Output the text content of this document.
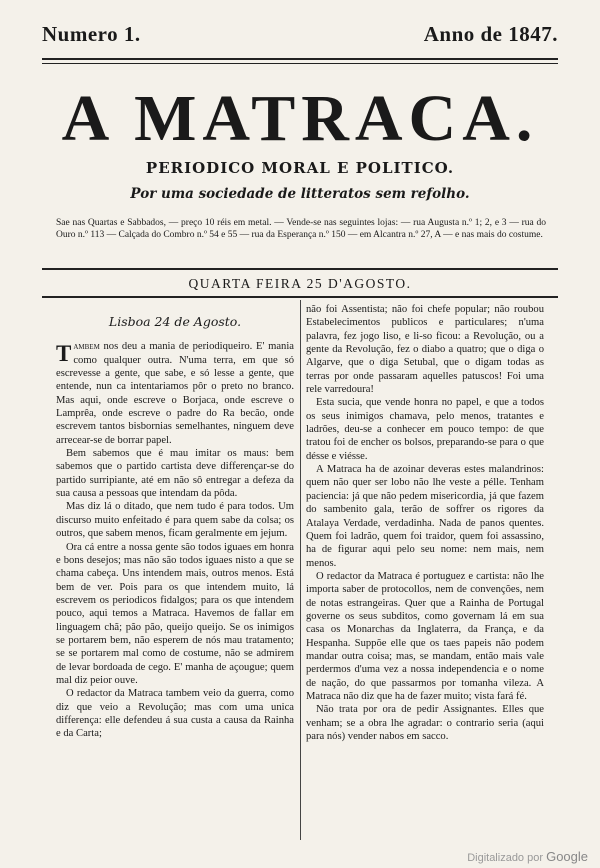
Numero 1.	Anno de 1847.
A MATRACA.
PERIODICO MORAL E POLITICO.
Por uma sociedade de litteratos sem refolho.
Sae nas Quartas e Sabbados, — preço 10 réis em metal. — Vende-se nas seguintes lojas: — rua Augusta n.º 1; 2, e 3 — rua do Ouro n.º 113 — Calçada do Combro n.º 54 e 55 — rua da Esperança n.º 150 — em Alcantra n.º 27, A — e nas mais do costume.
QUARTA FEIRA 25 D'AGOSTO.

Lisboa 24 de Agosto.

Tambem nos deu a mania de periodiqueiro. E' mania como qualquer outra. N'uma terra, em que só escrevesse a gente, que sabe, e só lesse a gente, que entende, nun ca intentariamos pôr o preto no branco. Mas aqui, onde escreve o Borjaca, onde escreve o Lamprêa, onde escreve o padre do Ra becão, onde escrevem tantos bisbornias semelhantes, ninguem deve arrecear-se de borrar papel.

Bem sabemos que é mau imitar os maus: bem sabemos que o partido cartista deve differençar-se do partido surripiante, até em não sô entregar a defeza da sua causa a pessoas que intendam da pôda.

Mas diz lá o ditado, que nem tudo é para todos. Um discurso muito enfeitado é para quem sabe da colsa; os outros, que sabem menos, ficam geralmente em jejum.

Ora cá entre a nossa gente são todos iguaes em honra e bons desejos; mas não são todos iguaes nisto a que se chama cabeça. Uns intendem mais, outros menos. Está bem de ver. Pois para os que intendem muito, lá escrevem os periodicos fidalgos; para os que intendem pouco, aqui temos a Matraca. Havemos de fallar em linguagem chã; pão pão, queijo queijo. Se os inimigos se portarem bem, não esperem de nós mau tratamento; se se portarem mal como de costume, não se admirem de levar bordoada de cego. E' manha de açougue; quem mal diz peior ouve.

O redactor da Matraca tambem veio da guerra, como diz que veio a Revolução; mas com uma unica differença: elle defendeu á sua custa a causa da Rainha e da Carta;

não foi Assentista; não foi chefe popular; não roubou Estabelecimentos publicos e particulares; n'uma palavra, fez jogo liso, e li-so ficou: a Revolução, ou a gente da Revolução, fez o diabo a quatro; que o diga o Algarve, que o diga Setubal, que o digam todas as terras por onde passaram aquelles patuscos! Foi uma rele varredoura!

Esta sucia, que vende honra no papel, e que a todos os seus inimigos chamava, pelo menos, tratantes e ladrões, deu-se a conhecer em pouco tempo: de que tratou foi de encher os bolsos, preparando-se para o que désse e viésse.

A Matraca ha de azoinar deveras estes malandrinos: quem não quer ser lobo não lhe veste a pélle. Tenham paciencia: já que não pedem misericordia, já que fazem do sambenito gala, terão de soffrer os rigores da Atalaya Verdade, verdadinha. Nada de panos quentes. Quem foi ladrão, quem foi traidor, quem foi assassino, ha de figurar aqui pelo seu nome: nem mais, nem menos.

O redactor da Matraca é portuguez e cartista: não lhe importa saber de protocollos, nem de convenções, nem de notas estrangeiras. Quer que a Rainha de Portugal governe os seus subditos, como governam lá em sua casa os Monarchas da Inglaterra, da França, e da Hespanha. Suppõe elle que os taes papeis não podem mandar outra coisa; mas, se mandam, então mais vale perdermos d'uma vez a nossa independencia e o nome de nação, do que passarmos por tomanha vileza. A Matraca não diz que ha de fazer muito; vista fará fé.

Não trata por ora de pedir Assignantes. Elles que venham; se a obra lhe agradar: o contrario seria (aqui para nós) vender nabos em sacco.

Digitalizado por Google
